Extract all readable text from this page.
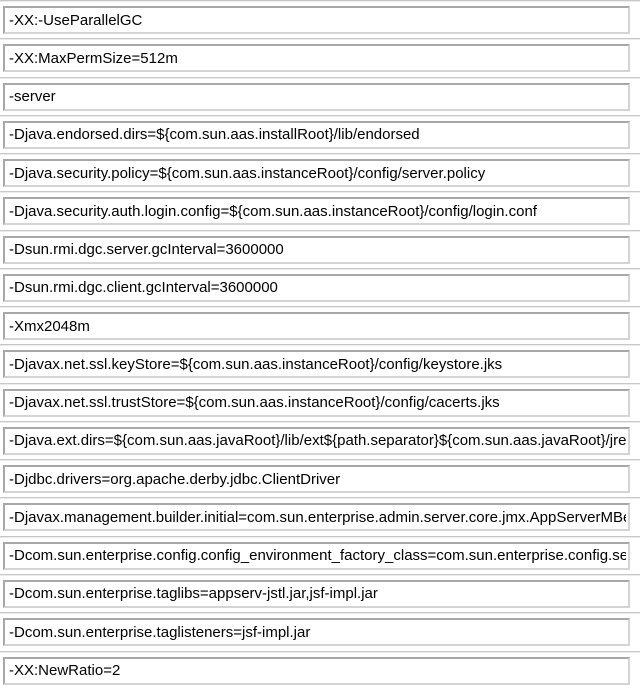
-XX:-UseParallelGC
-XX:MaxPermSize=512m
-server
-Djava.endorsed.dirs=${com.sun.aas.installRoot}/lib/endorsed
-Djava.security.policy=${com.sun.aas.instanceRoot}/config/server.policy
-Djava.security.auth.login.config=${com.sun.aas.instanceRoot}/config/login.conf
-Dsun.rmi.dgc.server.gcInterval=3600000
-Dsun.rmi.dgc.client.gcInterval=3600000
-Xmx2048m
-Djavax.net.ssl.keyStore=${com.sun.aas.instanceRoot}/config/keystore.jks
-Djavax.net.ssl.trustStore=${com.sun.aas.instanceRoot}/config/cacerts.jks
-Djava.ext.dirs=${com.sun.aas.javaRoot}/lib/ext${path.separator}${com.sun.aas.javaRoot}/jre/lib/ext${path.separator}${com.sun.aas.instanceRoot}/lib/ext
-Djdbc.drivers=org.apache.derby.jdbc.ClientDriver
-Djavax.management.builder.initial=com.sun.enterprise.admin.server.core.jmx.AppServerMBeanServerBuilder
-Dcom.sun.enterprise.config.config_environment_factory_class=com.sun.enterprise.config.serverbeans.AppserverConfigEnvironmentFactory
-Dcom.sun.enterprise.taglibs=appserv-jstl.jar,jsf-impl.jar
-Dcom.sun.enterprise.taglisteners=jsf-impl.jar
-XX:NewRatio=2
